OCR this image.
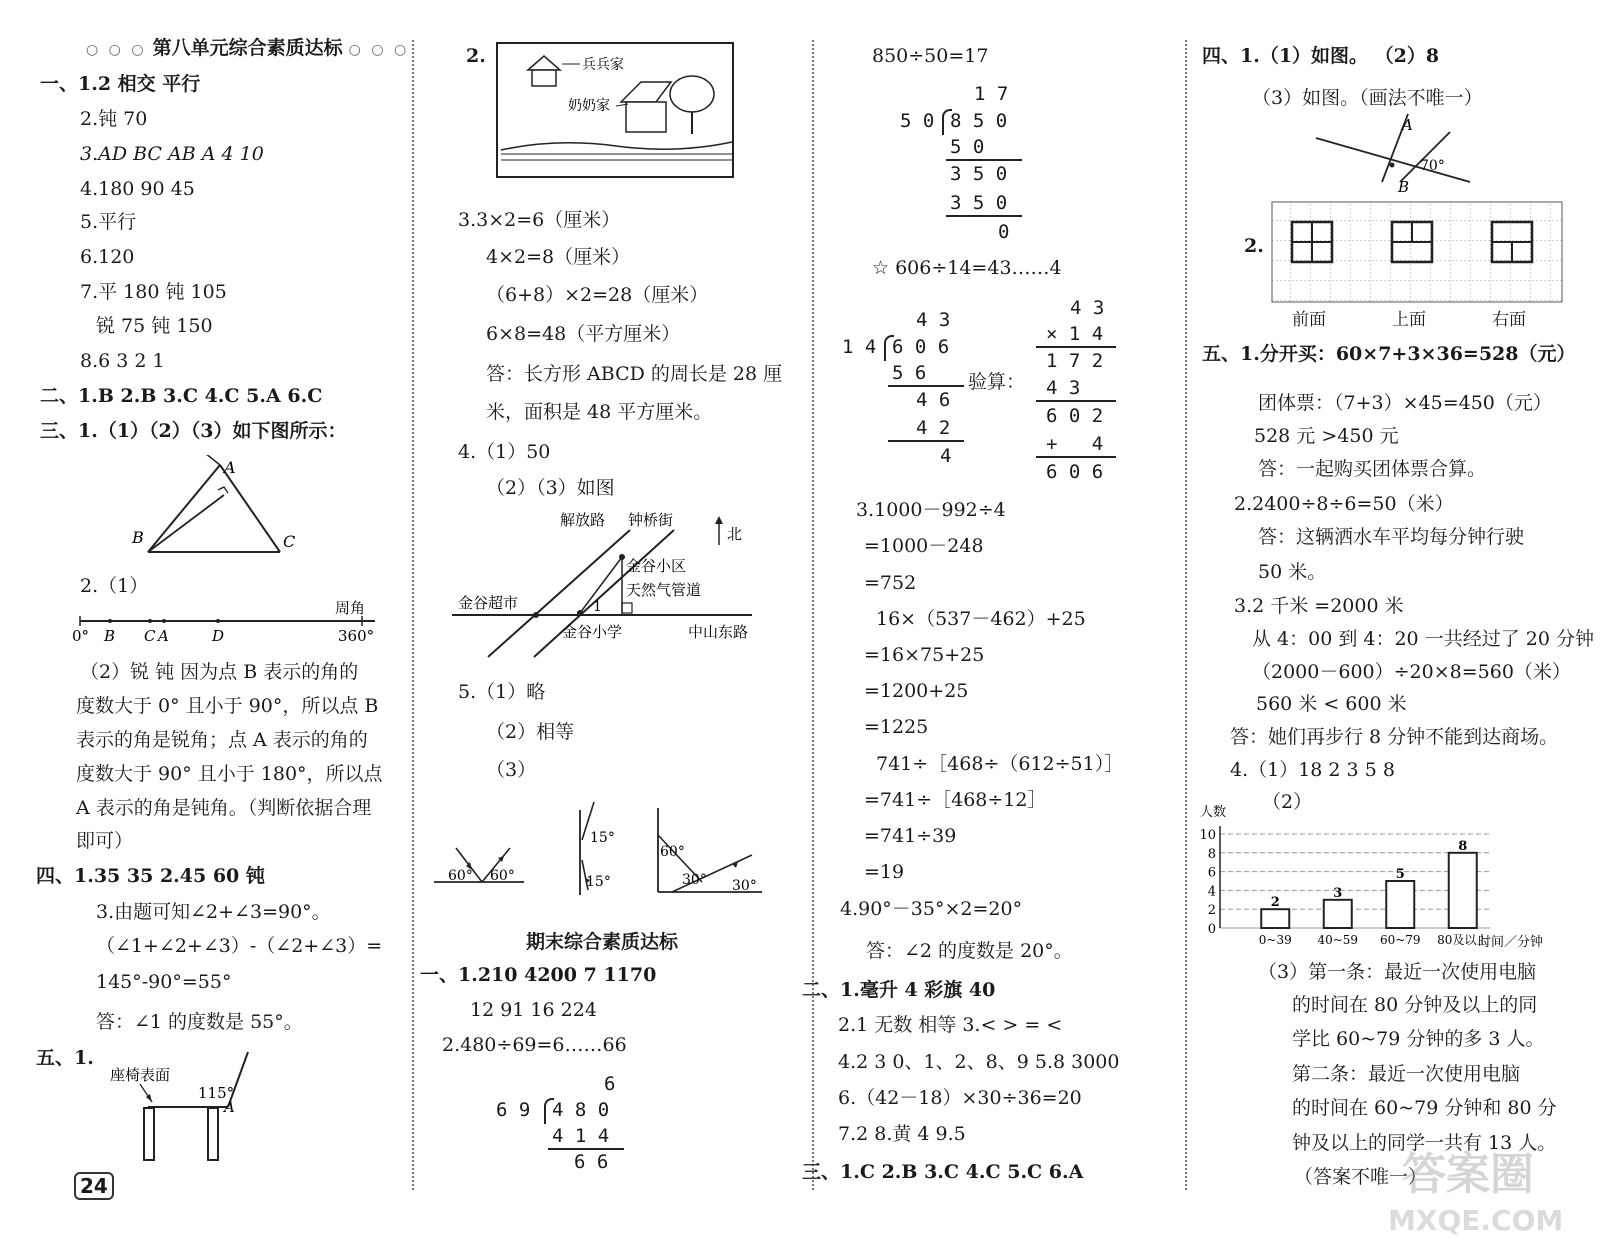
○ ○ ○ 第八单元综合素质达标 ○ ○ ○
一、1.2 相交 平行
2.钝 70
3.AD BC AB A 4 10
4.180 90 45
5.平行
6.120
7.平 180 钝 105
锐 75 钝 150
8.6 3 2 1
二、1.B 2.B 3.C 4.C 5.A 6.C
三、1.（1）（2）（3）如下图所示：
A
B	C
2.（1）
周角
0° B C A	D	360°
（2）锐 钝 因为点 B 表示的角的
度数大于 0° 且小于 90°，所以点 B
表示的角是锐角；点 A 表示的角的
度数大于 90° 且小于 180°，所以点
A 表示的角是钝角。（判断依据合理
即可）
四、1.35 35 2.45 60 钝
3.由题可知∠2+∠3=90°。
（∠1+∠2+∠3）-（∠2+∠3）=
145°-90°=55°
答：∠1 的度数是 55°。
五、1.
座椅表面
115°
A
2.	兵兵家
奶奶家
3.3×2=6（厘米）
4×2=8（厘米）
（6+8）×2=28（厘米）
6×8=48（平方厘米）
答：长方形 ABCD 的周长是 28 厘
米，面积是 48 平方厘米。
4.（1）50
（2）（3）如图
解放路 钟桥街
北
金谷小区
天然气管道
金谷超市	1
金谷小学	中山东路
5.（1）略
（2）相等
（3）
60° 60°
15°
15°
60°
30° 30°
期末综合素质达标
一、1.210 4200 7 1170
12 91 16 224
2.480÷69=6……66
6
6 9 4 8 0
4 1 4
6 6
850÷50=17
1 7
5 0 8 5 0
5 0
3 5 0
3 5 0
0
☆ 606÷14=43……4
4 3
1 4 6 0 6
5 6
4 6
4 2
4
验算：
4 3
× 1 4
1 7 2
4 3
6 0 2
+   4
6 0 6
3.1000－992÷4
=1000－248
=752
16×（537－462）+25
=16×75+25
=1200+25
=1225
741÷［468÷（612÷51）］
=741÷［468÷12］
=741÷39
=19
4.90°－35°×2=20°
答：∠2 的度数是 20°。
二、1.毫升 4 彩旗 40
2.1 无数 相等 3.< > = <
4.2 3 0、1、2、8、9 5.8 3000
6.（42－18）×30÷36=20
7.2 8.黄 4 9.5
三、1.C 2.B 3.C 4.C 5.C 6.A
四、1.（1）如图。 （2）8
（3）如图。（画法不唯一）
A
B
70°
2.
前面	上面	右面
五、1.分开买：60×7+3×36=528（元）
团体票：（7+3）×45=450（元）
528 元 >450 元
答：一起购买团体票合算。
2.2400÷8÷6=50（米）
答：这辆洒水车平均每分钟行驶
50 米。
3.2 千米 =2000 米
从 4：00 到 4：20 一共经过了 20 分钟
（2000－600）÷20×8=560（米）
560 米 < 600 米
答：她们再步行 8 分钟不能到达商场。
4.（1）18 2 3 5 8
（2）
人数
0
2
4
6
8
10
2
0~39
3
40~59
5
60~79
8
80及以上
时间／分钟
（3）第一条：最近一次使用电脑
的时间在 80 分钟及以上的同
学比 60~79 分钟的多 3 人。
第二条：最近一次使用电脑
的时间在 60~79 分钟和 80 分
钟及以上的同学一共有 13 人。
（答案不唯一）
24	答案圈
MXQE.COM
